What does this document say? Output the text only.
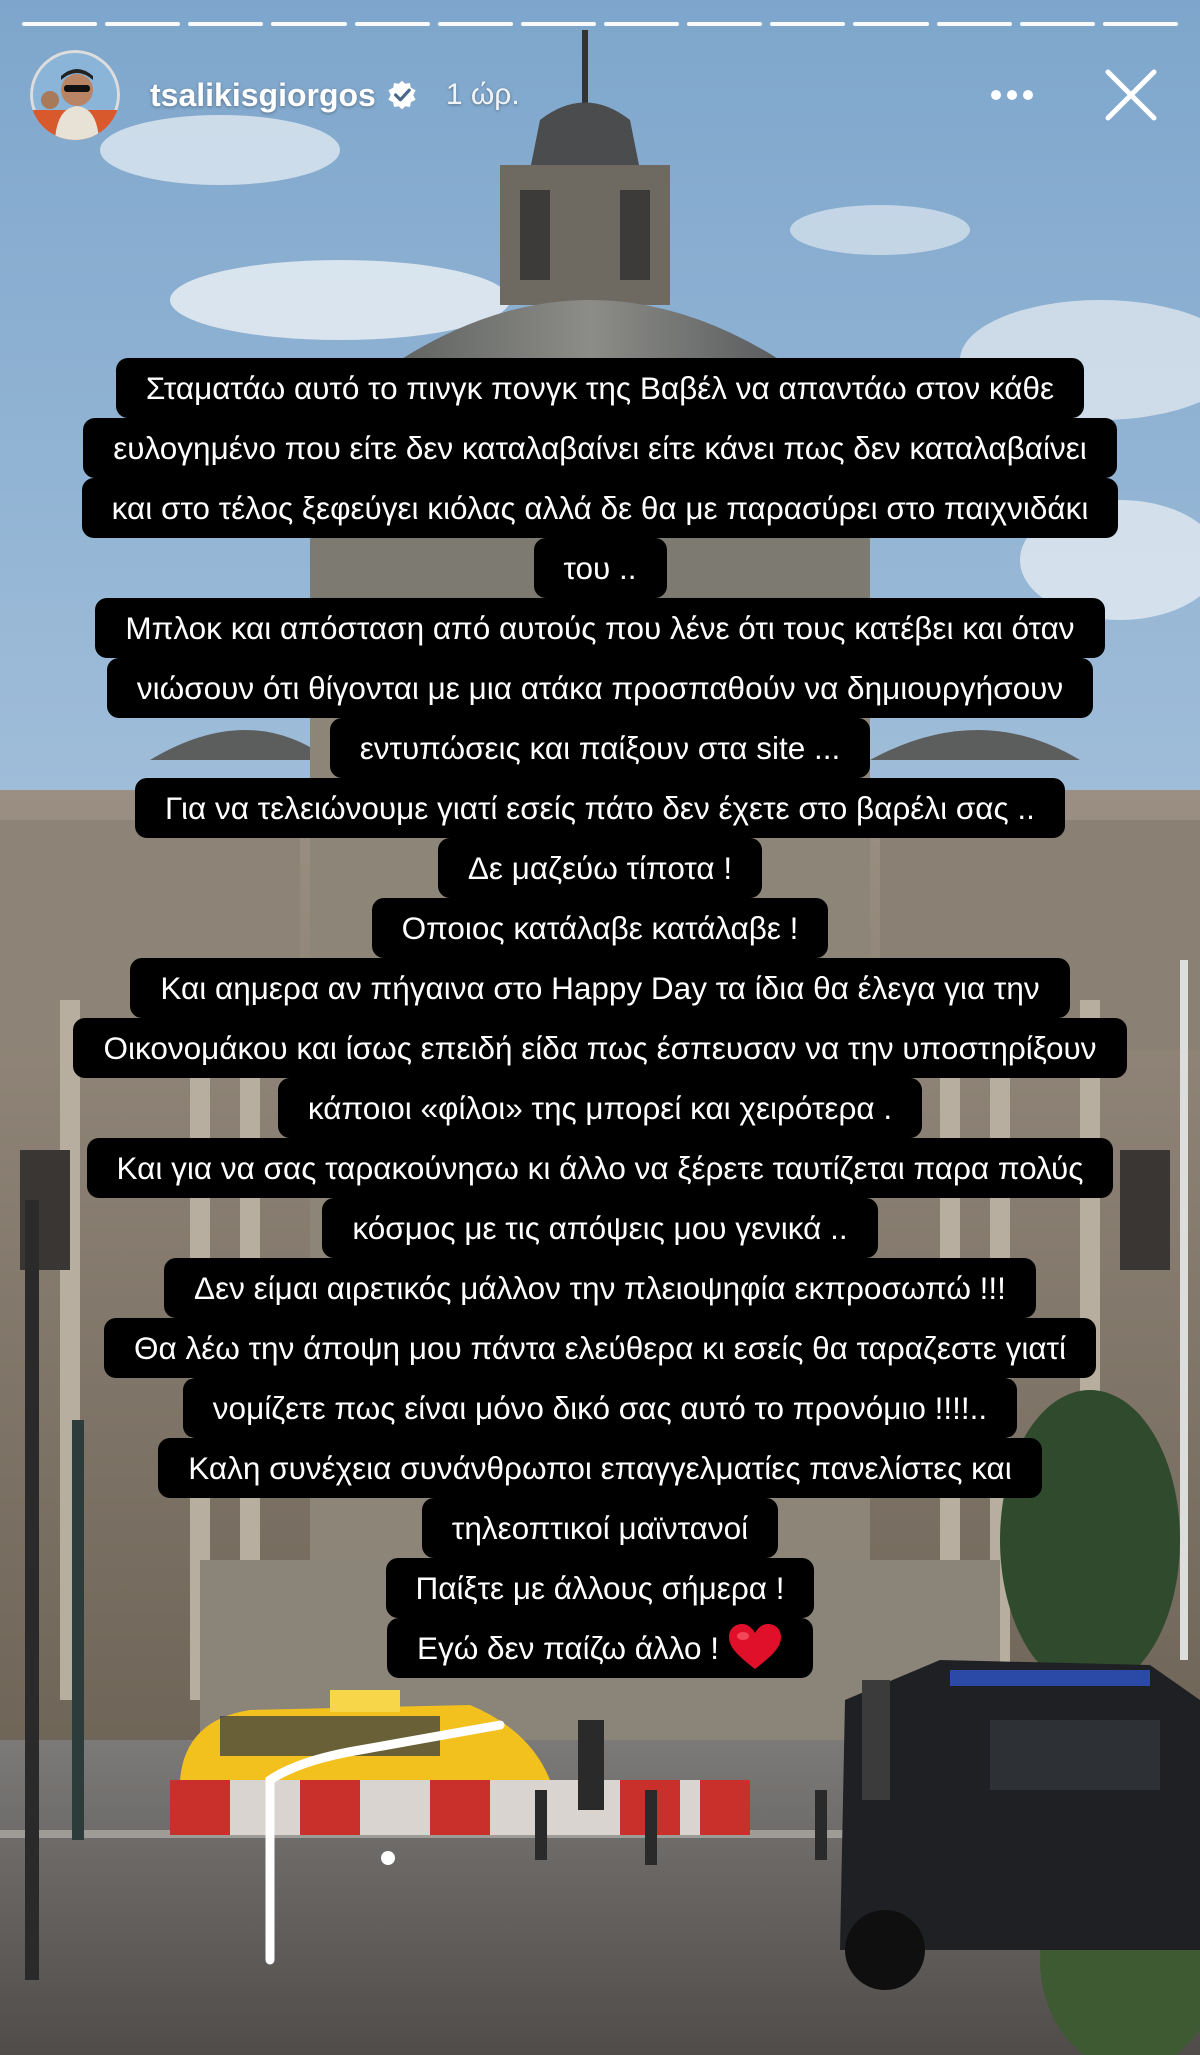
tsalikisgiorgos 1 ώρ.
Σταματάω αυτό το πινγκ πονγκ της Βαβέλ να απαντάω στον κάθε
ευλογημένο που είτε δεν καταλαβαίνει είτε κάνει πως δεν καταλαβαίνει
και στο τέλος ξεφεύγει κιόλας αλλά δε θα με παρασύρει στο παιχνιδάκι
του ..
Μπλοκ και απόσταση από αυτούς που λένε ότι τους κατέβει και όταν
νιώσουν ότι θίγονται με μια ατάκα προσπαθούν να δημιουργήσουν
εντυπώσεις και παίξουν στα site ...
Για να τελειώνουμε γιατί εσείς πάτο δεν έχετε στο βαρέλι σας ..
Δε μαζεύω τίποτα !
Οποιος κατάλαβε κατάλαβε !
Και αημερα αν πήγαινα στο Happy Day τα ίδια θα έλεγα για την
Οικονομάκου και ίσως επειδή είδα πως έσπευσαν να την υποστηρίξουν
κάποιοι «φίλοι» της μπορεί και χειρότερα .
Και για να σας ταρακούνησω κι άλλο να ξέρετε ταυτίζεται παρα πολύς
κόσμος με τις απόψεις μου γενικά ..
Δεν είμαι αιρετικός μάλλον την πλειοψηφία εκπροσωπώ !!!
Θα λέω την άποψη μου πάντα ελεύθερα κι εσείς θα ταραζεστε γιατί
νομίζετε πως είναι μόνο δικό σας αυτό το προνόμιο !!!!..
Καλη συνέχεια συνάνθρωποι επαγγελματίες πανελίστες και
τηλεοπτικοί μαϊντανοί
Παίξτε με άλλους σήμερα !
Εγώ δεν παίζω άλλο !
